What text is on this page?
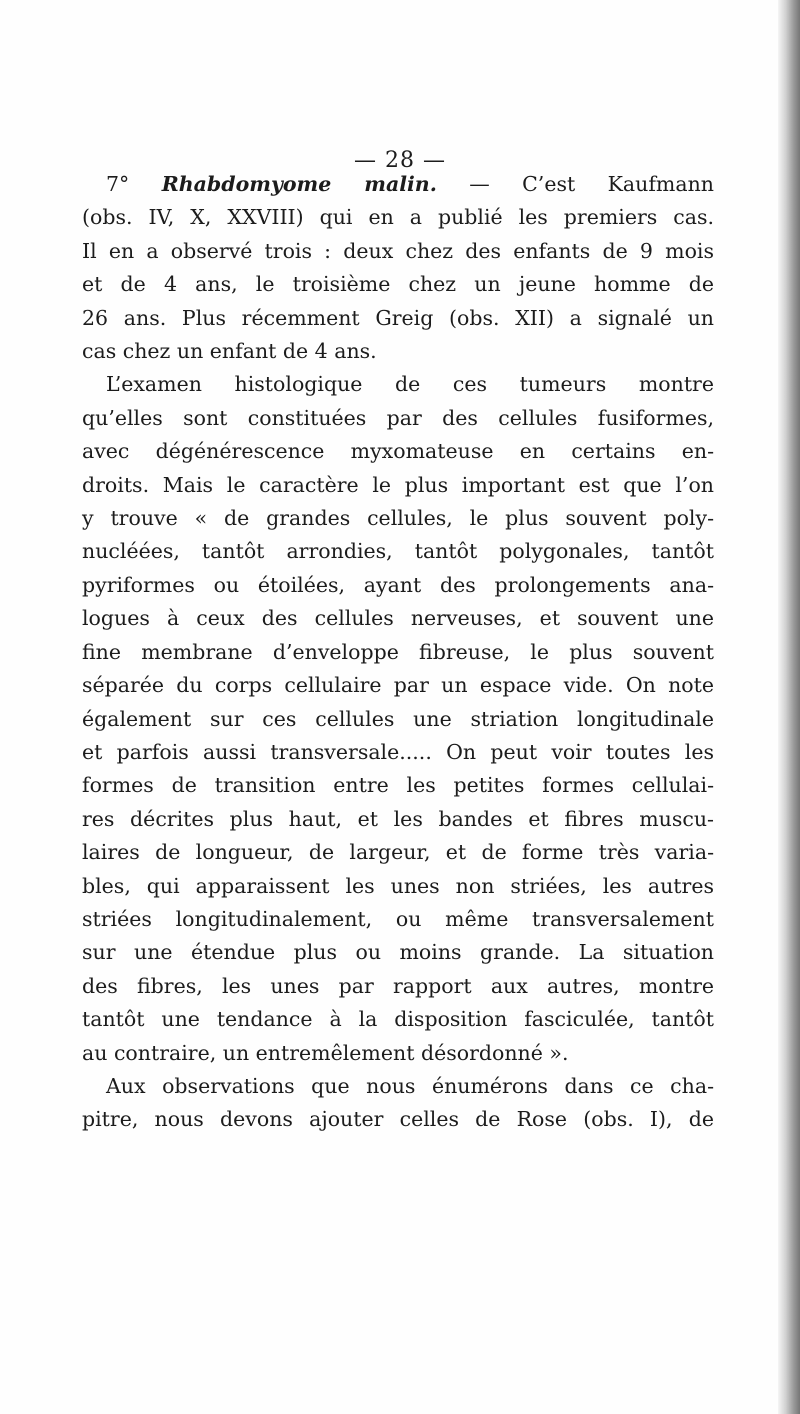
— 28 —
7° Rhabdomyome malin. — C’est Kaufmann
(obs. IV, X, XXVIII) qui en a publié les premiers cas.
Il en a observé trois : deux chez des enfants de 9 mois
et de 4 ans, le troisième chez un jeune homme de
26 ans. Plus récemment Greig (obs. XII) a signalé un
cas chez un enfant de 4 ans.
L’examen histologique de ces tumeurs montre
qu’elles sont constituées par des cellules fusiformes,
avec dégénérescence myxomateuse en certains en-
droits. Mais le caractère le plus important est que l’on
y trouve « de grandes cellules, le plus souvent poly-
nucléées, tantôt arrondies, tantôt polygonales, tantôt
pyriformes ou étoilées, ayant des prolongements ana-
logues à ceux des cellules nerveuses, et souvent une
fine membrane d’enveloppe fibreuse, le plus souvent
séparée du corps cellulaire par un espace vide. On note
également sur ces cellules une striation longitudinale
et parfois aussi transversale..... On peut voir toutes les
formes de transition entre les petites formes cellulai-
res décrites plus haut, et les bandes et fibres muscu-
laires de longueur, de largeur, et de forme très varia-
bles, qui apparaissent les unes non striées, les autres
striées longitudinalement, ou même transversalement
sur une étendue plus ou moins grande. La situation
des fibres, les unes par rapport aux autres, montre
tantôt une tendance à la disposition fasciculée, tantôt
au contraire, un entremêlement désordonné ».
Aux observations que nous énumérons dans ce cha-
pitre, nous devons ajouter celles de Rose (obs. I), de
